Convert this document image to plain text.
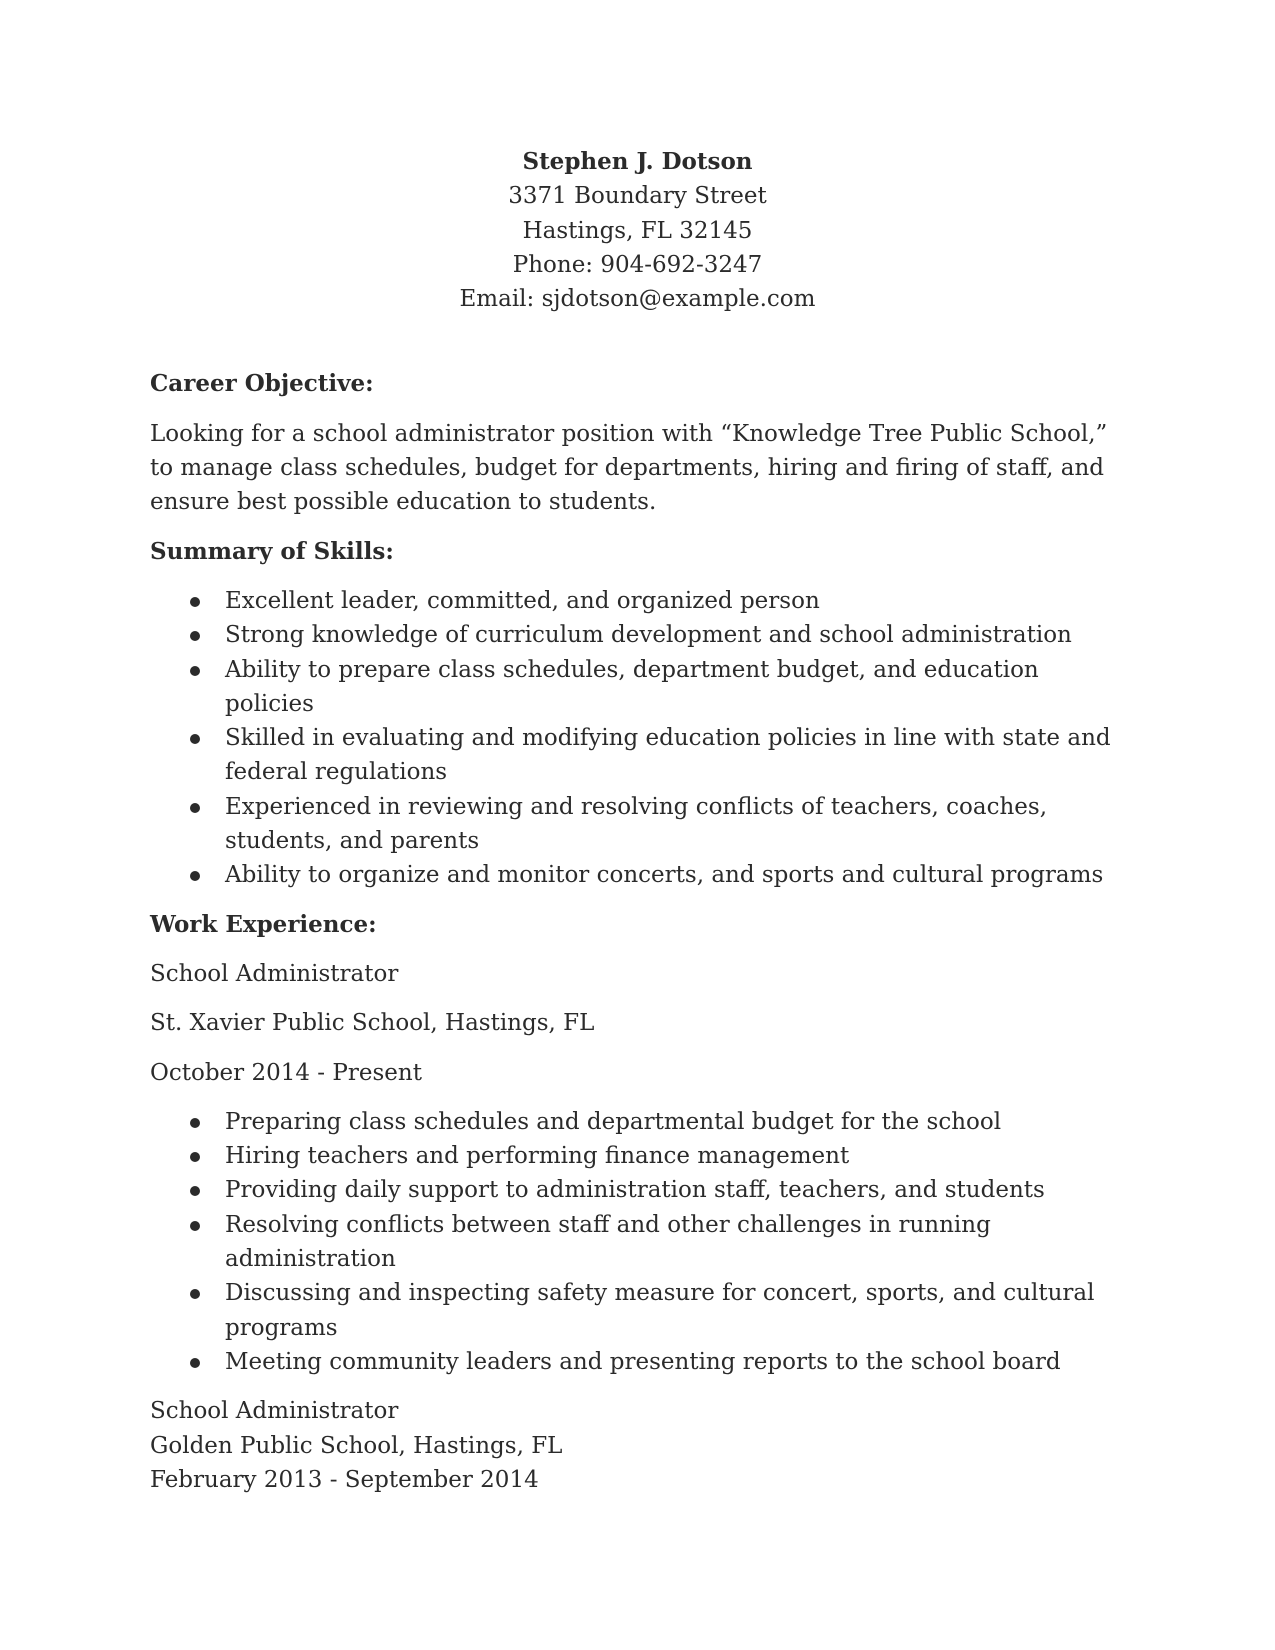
Stephen J. Dotson
3371 Boundary Street
Hastings, FL 32145
Phone: 904-692-3247
Email: sjdotson@example.com
Career Objective:

Looking for a school administrator position with “Knowledge Tree Public School,” to manage class schedules, budget for departments, hiring and firing of staff, and ensure best possible education to students.

Summary of Skills:
Excellent leader, committed, and organized person
Strong knowledge of curriculum development and school administration
Ability to prepare class schedules, department budget, and education policies
Skilled in evaluating and modifying education policies in line with state and federal regulations
Experienced in reviewing and resolving conflicts of teachers, coaches, students, and parents
Ability to organize and monitor concerts, and sports and cultural programs
Work Experience:
School Administrator
St. Xavier Public School, Hastings, FL
October 2014 - Present
Preparing class schedules and departmental budget for the school
Hiring teachers and performing finance management
Providing daily support to administration staff, teachers, and students
Resolving conflicts between staff and other challenges in running administration
Discussing and inspecting safety measure for concert, sports, and cultural programs
Meeting community leaders and presenting reports to the school board
School Administrator
Golden Public School, Hastings, FL
February 2013 - September 2014
